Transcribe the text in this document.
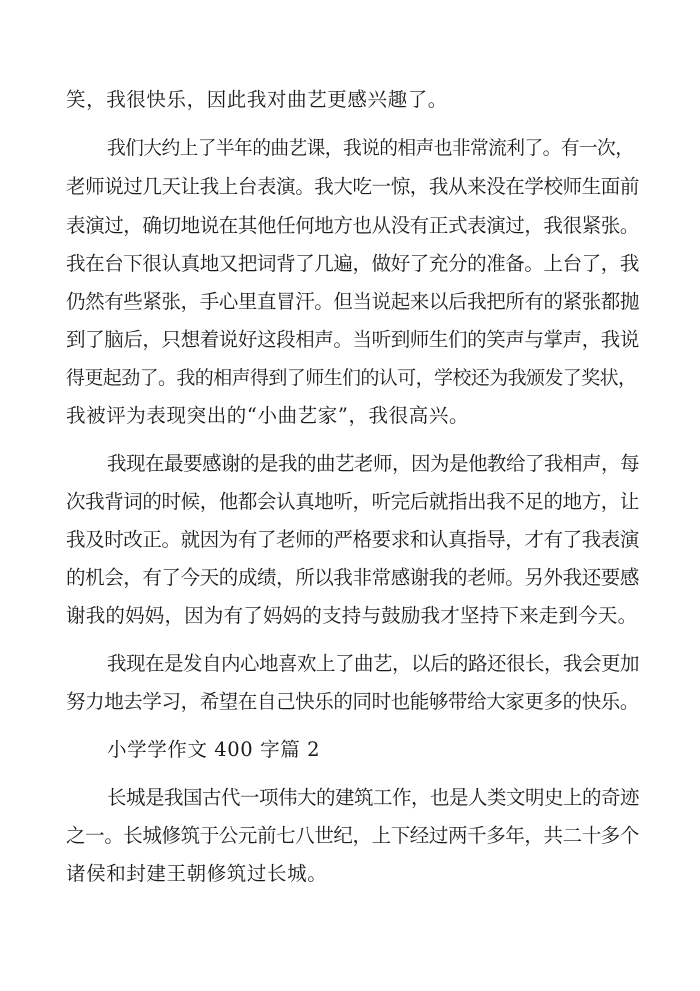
笑，我很快乐，因此我对曲艺更感兴趣了。
我们大约上了半年的曲艺课，我说的相声也非常流利了。有一次，
老师说过几天让我上台表演。我大吃一惊，我从来没在学校师生面前
表演过，确切地说在其他任何地方也从没有正式表演过，我很紧张。
我在台下很认真地又把词背了几遍，做好了充分的准备。上台了，我
仍然有些紧张，手心里直冒汗。但当说起来以后我把所有的紧张都抛
到了脑后，只想着说好这段相声。当听到师生们的笑声与掌声，我说
得更起劲了。我的相声得到了师生们的认可，学校还为我颁发了奖状，
我被评为表现突出的“小曲艺家”，我很高兴。
我现在最要感谢的是我的曲艺老师，因为是他教给了我相声，每
次我背词的时候，他都会认真地听，听完后就指出我不足的地方，让
我及时改正。就因为有了老师的严格要求和认真指导，才有了我表演
的机会，有了今天的成绩，所以我非常感谢我的老师。另外我还要感
谢我的妈妈，因为有了妈妈的支持与鼓励我才坚持下来走到今天。
我现在是发自内心地喜欢上了曲艺，以后的路还很长，我会更加
努力地去学习，希望在自己快乐的同时也能够带给大家更多的快乐。
小学学作文 400 字篇 2
长城是我国古代一项伟大的建筑工作，也是人类文明史上的奇迹
之一。长城修筑于公元前七八世纪，上下经过两千多年，共二十多个
诸侯和封建王朝修筑过长城。
